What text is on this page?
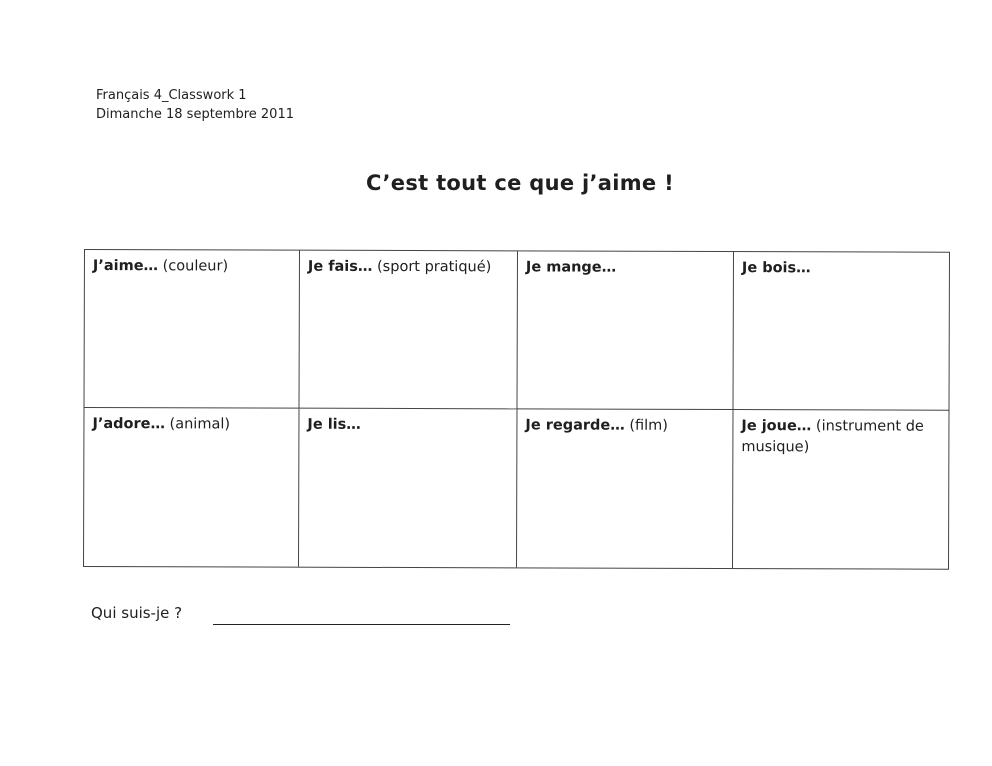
Français 4_Classwork 1
Dimanche 18 septembre 2011
C’est tout ce que j’aime !
J’aime… (couleur)	Je fais… (sport pratiqué)	Je mange…	Je bois…
J’adore… (animal)	Je lis…	Je regarde… (film)	Je joue… (instrument de musique)
Qui suis-je ?
